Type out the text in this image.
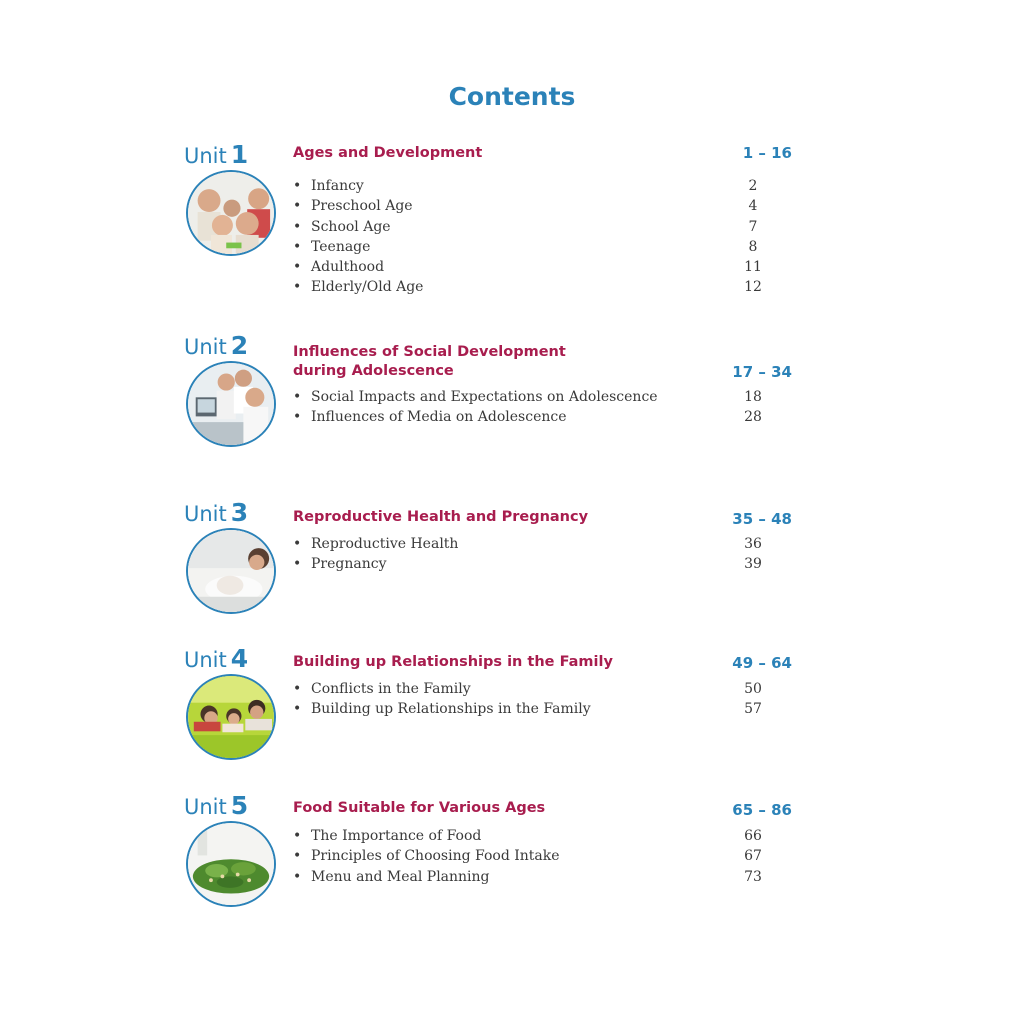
Contents
Unit 1	Ages and Development	1 – 16
• Infancy	2
• Preschool Age	4
• School Age	7
• Teenage	8
• Adulthood	11
• Elderly/Old Age	12
Unit 2	Influences of Social Development during Adolescence	17 – 34
• Social Impacts and Expectations on Adolescence	18
• Influences of Media on Adolescence	28
Unit 3	Reproductive Health and Pregnancy	35 – 48
• Reproductive Health	36
• Pregnancy	39
Unit 4	Building up Relationships in the Family	49 – 64
• Conflicts in the Family	50
• Building up Relationships in the Family	57
Unit 5	Food Suitable for Various Ages	65 – 86
• The Importance of Food	66
• Principles of Choosing Food Intake	67
• Menu and Meal Planning	73
